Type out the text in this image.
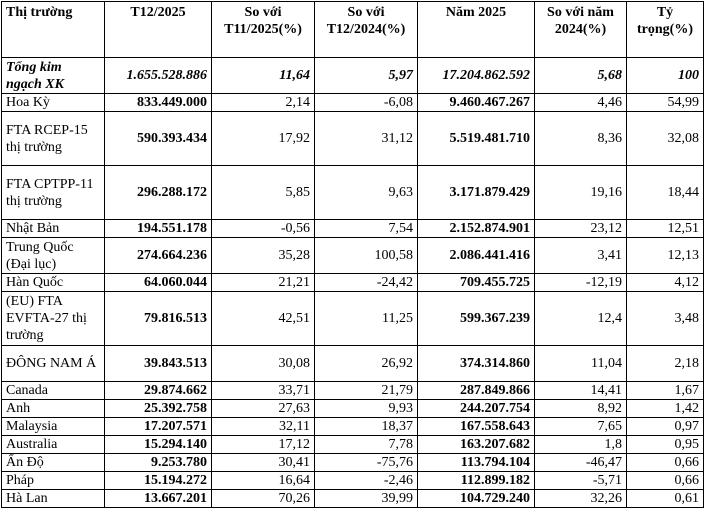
Thị trường	T12/2025	So với T11/2025(%)	So với T12/2024(%)	Năm 2025	So với năm 2024(%)	Tỷ trọng(%)
Tổng kim ngạch XK	1.655.528.886	11,64	5,97	17.204.862.592	5,68	100
Hoa Kỳ	833.449.000	2,14	-6,08	9.460.467.267	4,46	54,99
FTA RCEP-15 thị trường	590.393.434	17,92	31,12	5.519.481.710	8,36	32,08
FTA CPTPP-11 thị trường	296.288.172	5,85	9,63	3.171.879.429	19,16	18,44
Nhật Bản	194.551.178	-0,56	7,54	2.152.874.901	23,12	12,51
Trung Quốc (Đại lục)	274.664.236	35,28	100,58	2.086.441.416	3,41	12,13
Hàn Quốc	64.060.044	21,21	-24,42	709.455.725	-12,19	4,12
(EU) FTA EVFTA-27 thị trường	79.816.513	42,51	11,25	599.367.239	12,4	3,48
ĐÔNG NAM Á	39.843.513	30,08	26,92	374.314.860	11,04	2,18
Canada	29.874.662	33,71	21,79	287.849.866	14,41	1,67
Anh	25.392.758	27,63	9,93	244.207.754	8,92	1,42
Malaysia	17.207.571	32,11	18,37	167.558.643	7,65	0,97
Australia	15.294.140	17,12	7,78	163.207.682	1,8	0,95
Ấn Độ	9.253.780	30,41	-75,76	113.794.104	-46,47	0,66
Pháp	15.194.272	16,64	-2,46	112.899.182	-5,71	0,66
Hà Lan	13.667.201	70,26	39,99	104.729.240	32,26	0,61
